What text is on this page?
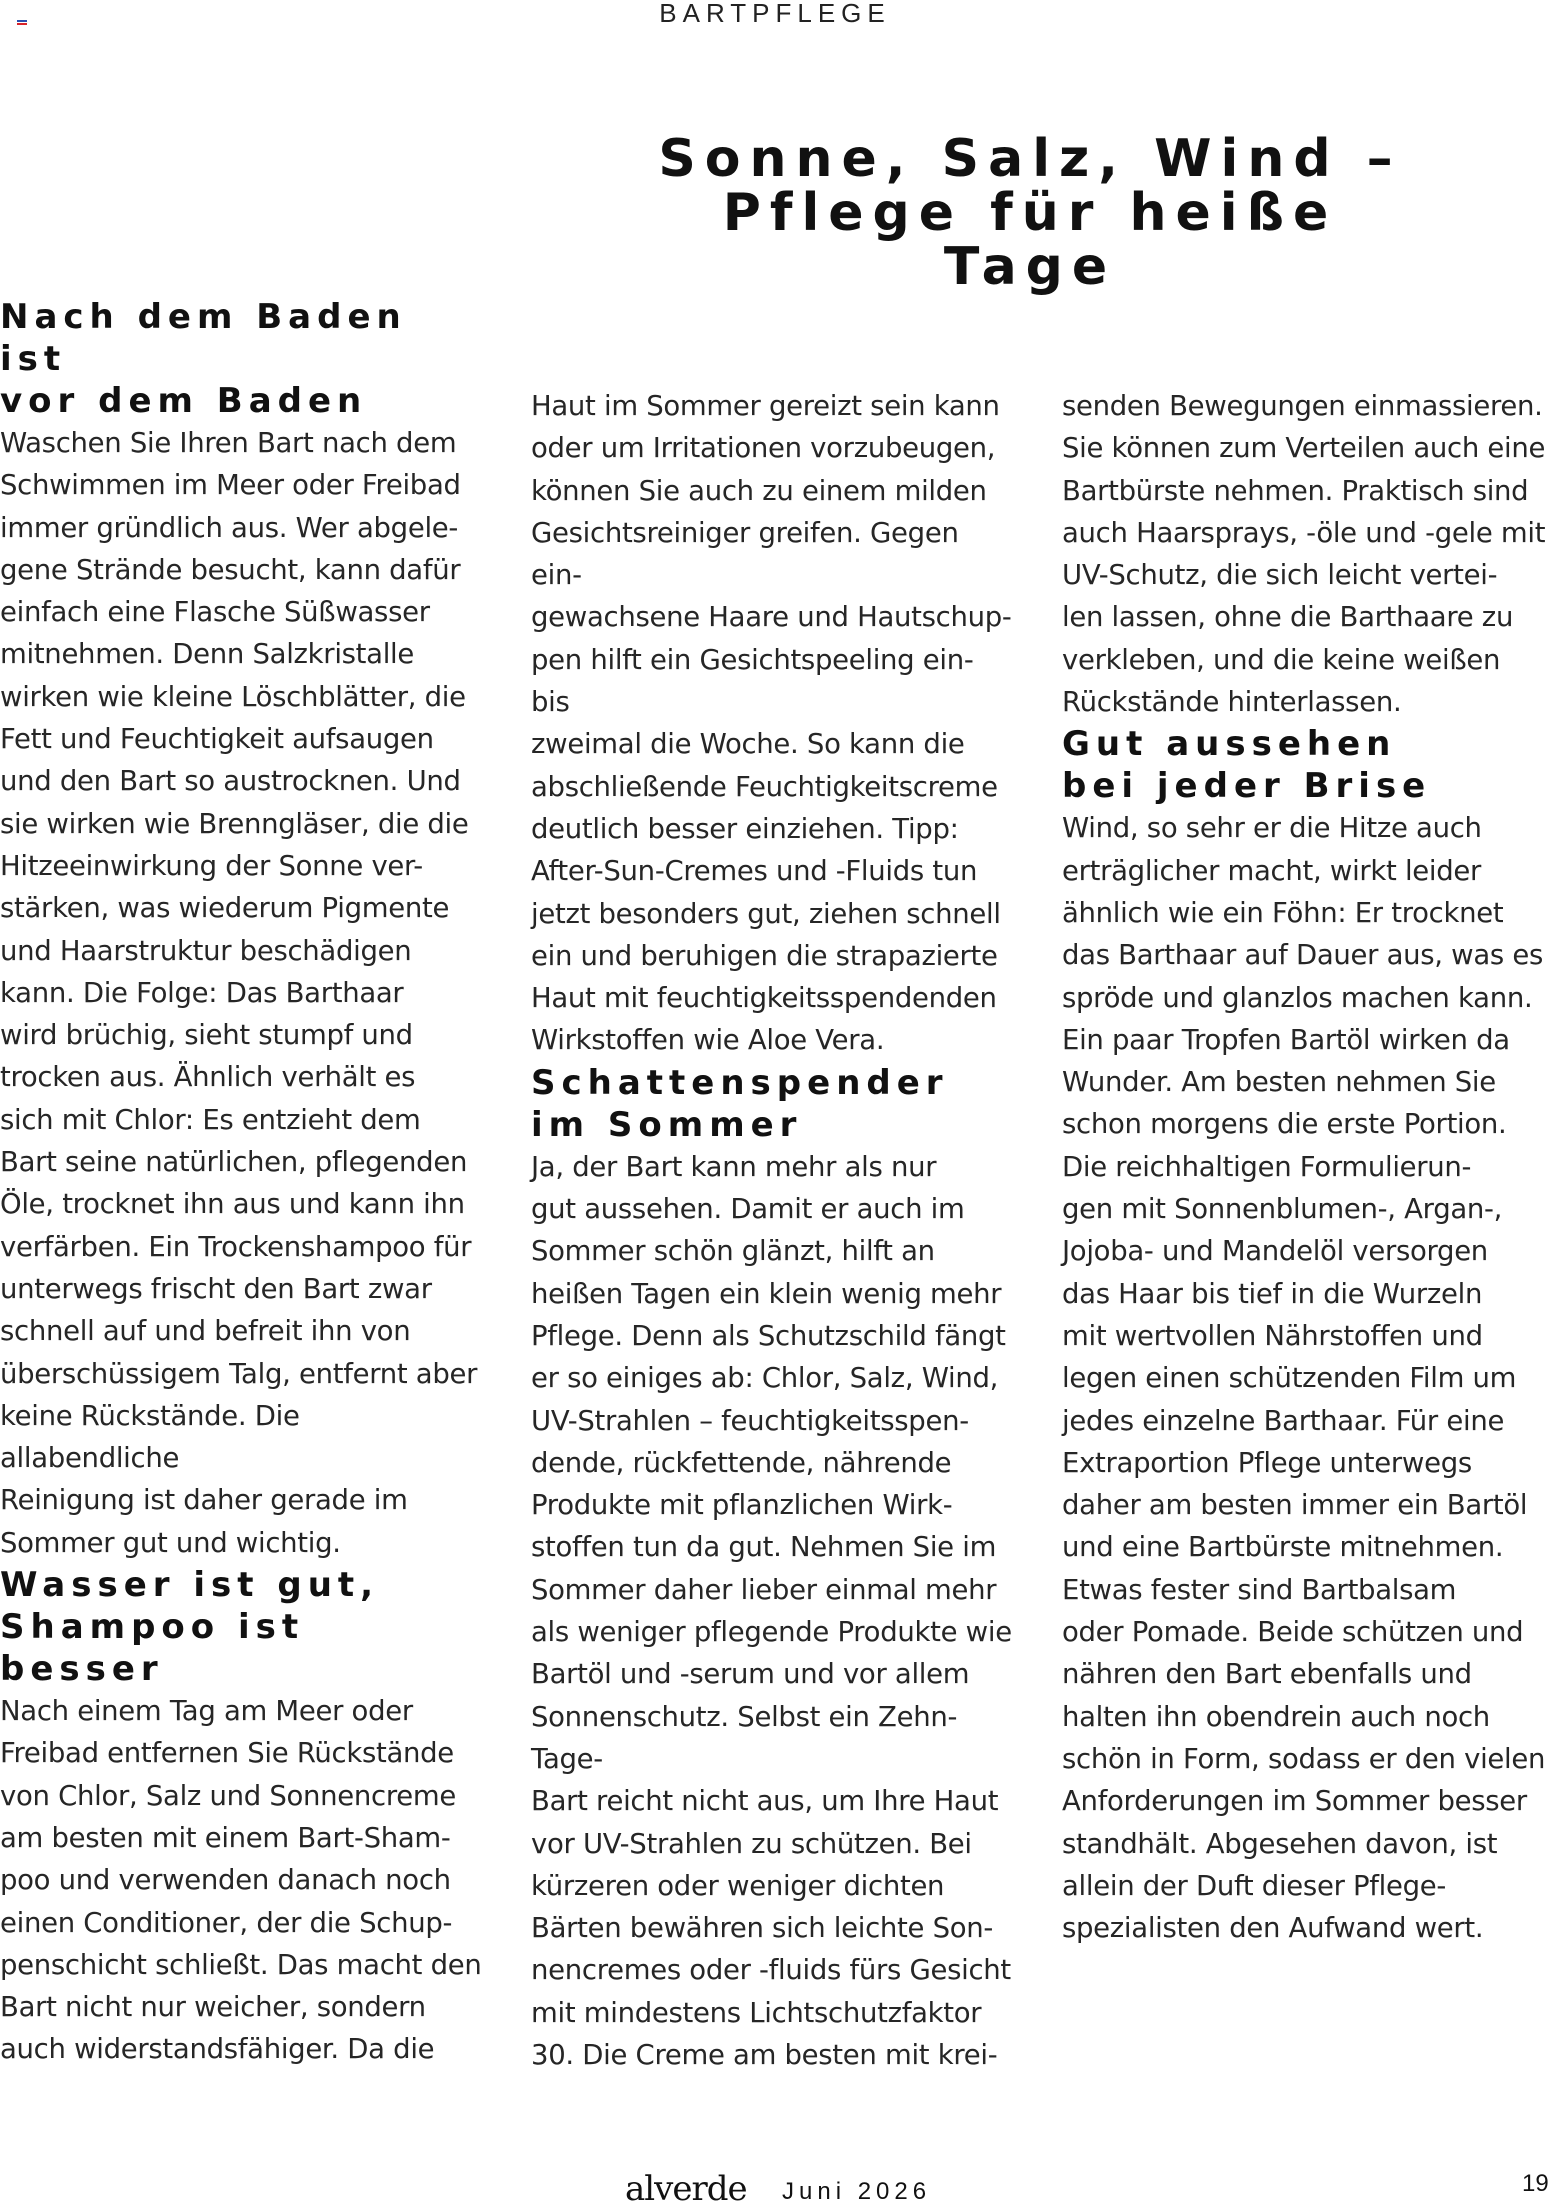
BARTPFLEGE
Sonne, Salz, Wind –
Pflege für heiße Tage
Nach dem Baden ist
vor dem Baden

Waschen Sie Ihren Bart nach dem
Schwimmen im Meer oder Freibad
immer gründlich aus. Wer abgele-
gene Strände besucht, kann dafür
einfach eine Flasche Süßwasser
mitnehmen. Denn Salzkristalle
wirken wie kleine Löschblätter, die
Fett und Feuchtigkeit aufsaugen
und den Bart so austrocknen. Und
sie wirken wie Brenngläser, die die
Hitzeeinwirkung der Sonne ver-
stärken, was wiederum Pigmente
und Haarstruktur beschädigen
kann. Die Folge: Das Barthaar
wird brüchig, sieht stumpf und
trocken aus. Ähnlich verhält es
sich mit Chlor: Es entzieht dem
Bart seine natürlichen, pflegenden
Öle, trocknet ihn aus und kann ihn
verfärben. Ein Trockenshampoo für
unterwegs frischt den Bart zwar
schnell auf und befreit ihn von
überschüssigem Talg, entfernt aber
keine Rückstände. Die allabendliche
Reinigung ist daher gerade im
Sommer gut und wichtig.

Wasser ist gut,
Shampoo ist besser

Nach einem Tag am Meer oder
Freibad entfernen Sie Rückstände
von Chlor, Salz und Sonnencreme
am besten mit einem Bart-Sham-
poo und verwenden danach noch
einen Conditioner, der die Schup-
penschicht schließt. Das macht den
Bart nicht nur weicher, sondern
auch widerstandsfähiger. Da die

Haut im Sommer gereizt sein kann
oder um Irritationen vorzubeugen,
können Sie auch zu einem milden
Gesichtsreiniger greifen. Gegen ein-
gewachsene Haare und Hautschup-
pen hilft ein Gesichtspeeling ein- bis
zweimal die Woche. So kann die
abschließende Feuchtigkeitscreme
deutlich besser einziehen. Tipp:
After-Sun-Cremes und -Fluids tun
jetzt besonders gut, ziehen schnell
ein und beruhigen die strapazierte
Haut mit feuchtigkeitsspendenden
Wirkstoffen wie Aloe Vera.

Schattenspender
im Sommer

Ja, der Bart kann mehr als nur
gut aussehen. Damit er auch im
Sommer schön glänzt, hilft an
heißen Tagen ein klein wenig mehr
Pflege. Denn als Schutzschild fängt
er so einiges ab: Chlor, Salz, Wind,
UV-Strahlen – feuchtigkeitsspen-
dende, rückfettende, nährende
Produkte mit pflanzlichen Wirk-
stoffen tun da gut. Nehmen Sie im
Sommer daher lieber einmal mehr
als weniger pflegende Produkte wie
Bartöl und -serum und vor allem
Sonnenschutz. Selbst ein Zehn-Tage-
Bart reicht nicht aus, um Ihre Haut
vor UV-Strahlen zu schützen. Bei
kürzeren oder weniger dichten
Bärten bewähren sich leichte Son-
nencremes oder -fluids fürs Gesicht
mit mindestens Lichtschutzfaktor
30. Die Creme am besten mit krei-

senden Bewegungen einmassieren.
Sie können zum Verteilen auch eine
Bartbürste nehmen. Praktisch sind
auch Haarsprays, -öle und -gele mit
UV-Schutz, die sich leicht vertei-
len lassen, ohne die Barthaare zu
verkleben, und die keine weißen
Rückstände hinterlassen.

Gut aussehen
bei jeder Brise

Wind, so sehr er die Hitze auch
erträglicher macht, wirkt leider
ähnlich wie ein Föhn: Er trocknet
das Barthaar auf Dauer aus, was es
spröde und glanzlos machen kann.
Ein paar Tropfen Bartöl wirken da
Wunder. Am besten nehmen Sie
schon morgens die erste Portion.
Die reichhaltigen Formulierun-
gen mit Sonnenblumen-, Argan-,
Jojoba- und Mandelöl versorgen
das Haar bis tief in die Wurzeln
mit wertvollen Nährstoffen und
legen einen schützenden Film um
jedes einzelne Barthaar. Für eine
Extraportion Pflege unterwegs
daher am besten immer ein Bartöl
und eine Bartbürste mitnehmen.
Etwas fester sind Bartbalsam
oder Pomade. Beide schützen und
nähren den Bart ebenfalls und
halten ihn obendrein auch noch
schön in Form, sodass er den vielen
Anforderungen im Sommer besser
standhält. Abgesehen davon, ist
allein der Duft dieser Pflege-
spezialisten den Aufwand wert.

alverde Juni 2026	19
